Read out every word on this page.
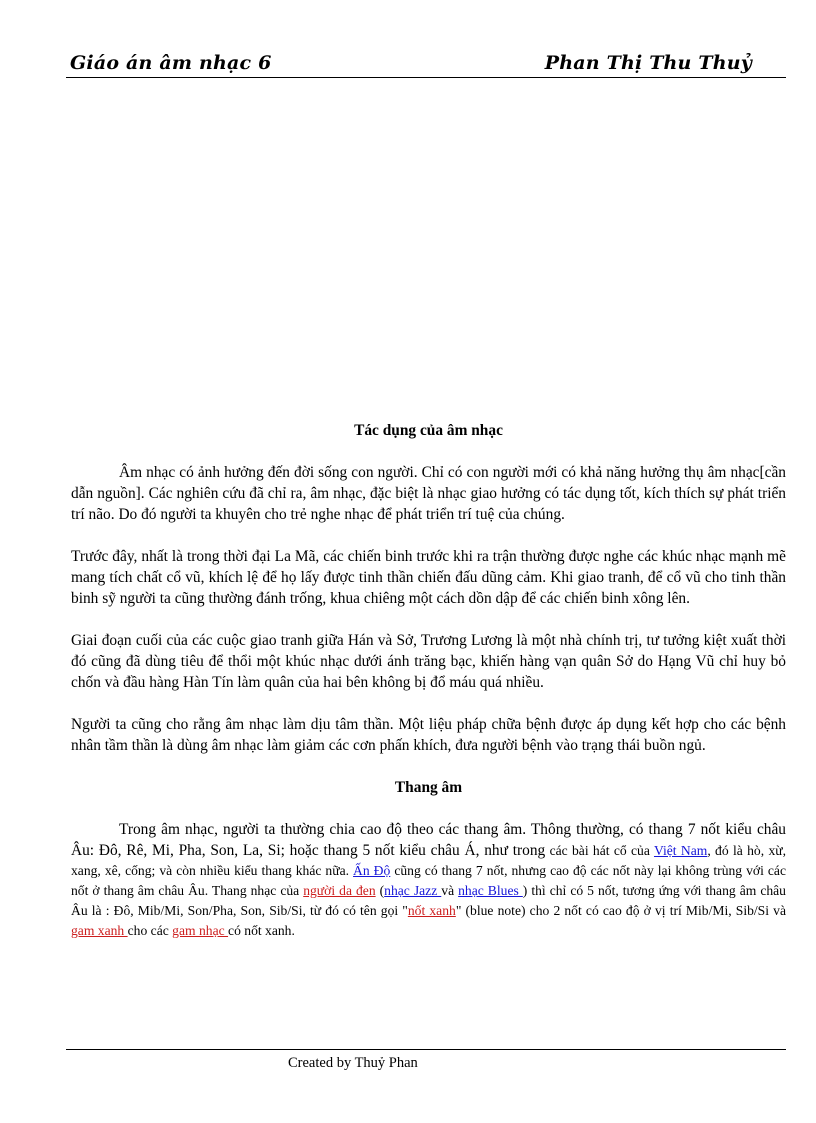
Giáo án âm nhạc 6	Phan Thị Thu Thuỷ
Tác dụng của âm nhạc

Âm nhạc có ảnh hưởng đến đời sống con người. Chỉ có con người mới có khả năng hưởng thụ âm nhạc[cần dẫn nguồn]. Các nghiên cứu đã chỉ ra, âm nhạc, đặc biệt là nhạc giao hưởng có tác dụng tốt, kích thích sự phát triển trí não. Do đó người ta khuyên cho trẻ nghe nhạc để phát triển trí tuệ của chúng.

Trước đây, nhất là trong thời đại La Mã, các chiến binh trước khi ra trận thường được nghe các khúc nhạc mạnh mẽ mang tích chất cổ vũ, khích lệ để họ lấy được tinh thần chiến đấu dũng cảm. Khi giao tranh, để cổ vũ cho tinh thần binh sỹ người ta cũng thường đánh trống, khua chiêng một cách dồn dập để các chiến binh xông lên.

Giai đoạn cuối của các cuộc giao tranh giữa Hán và Sở, Trương Lương là một nhà chính trị, tư tưởng kiệt xuất thời đó cũng đã dùng tiêu để thổi một khúc nhạc dưới ánh trăng bạc, khiến hàng vạn quân Sở do Hạng Vũ chỉ huy bỏ chốn và đầu hàng Hàn Tín làm quân của hai bên không bị đổ máu quá nhiều.

Người ta cũng cho rằng âm nhạc làm dịu tâm thần. Một liệu pháp chữa bệnh được áp dụng kết hợp cho các bệnh nhân tầm thần là dùng âm nhạc làm giảm các cơn phấn khích, đưa người bệnh vào trạng thái buồn ngủ.

Thang âm

Trong âm nhạc, người ta thường chia cao độ theo các thang âm. Thông thường, có thang 7 nốt kiểu châu Âu: Đô, Rê, Mi, Pha, Son, La, Si; hoặc thang 5 nốt kiểu châu Á, như trong các bài hát cổ của Việt Nam, đó là hò, xừ, xang, xê, cống; và còn nhiều kiểu thang khác nữa. Ấn Độ cũng có thang 7 nốt, nhưng cao độ các nốt này lại không trùng với các nốt ở thang âm châu Âu. Thang nhạc của người da đen (nhạc Jazz và nhạc Blues ) thì chỉ có 5 nốt, tương ứng với thang âm châu Âu là : Đô, Mib/Mi, Son/Pha, Son, Sib/Si, từ đó có tên gọi "nốt xanh" (blue note) cho 2 nốt có cao độ ở vị trí Mib/Mi, Sib/Si và gam xanh cho các gam nhạc có nốt xanh.

Created by Thuỷ Phan
